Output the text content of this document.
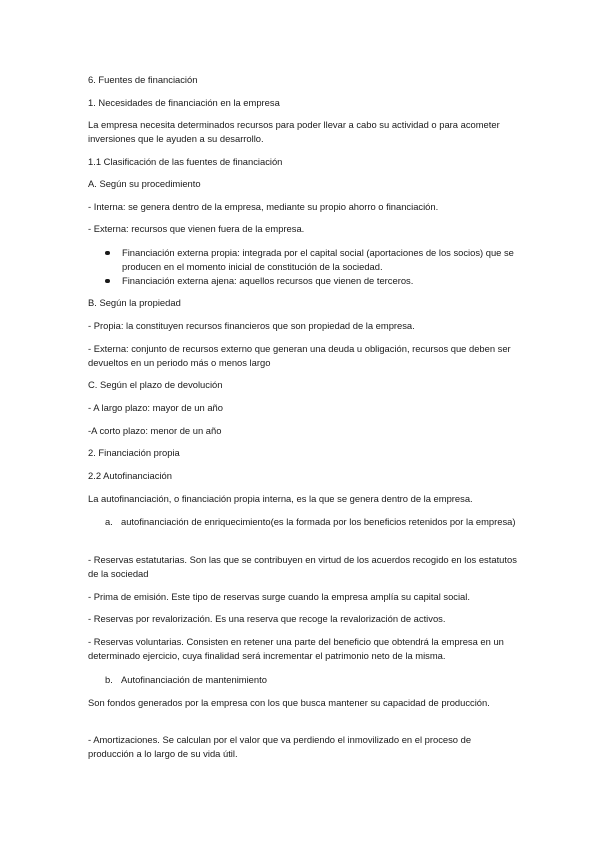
6. Fuentes de financiación

1. Necesidades de financiación en la empresa

La empresa necesita determinados recursos para poder llevar a cabo su actividad o para acometer inversiones que le ayuden a su desarrollo.

1.1 Clasificación de las fuentes de financiación

A. Según su procedimiento

- Interna: se genera dentro de la empresa, mediante su propio ahorro o financiación.

- Externa: recursos que vienen fuera de la empresa.

Financiación externa propia: integrada por el capital social (aportaciones de los socios) que se producen en el momento inicial de constitución de la sociedad.
Financiación externa ajena: aquellos recursos que vienen de terceros.

B. Según la propiedad

- Propia: la constituyen recursos financieros que son propiedad de la empresa.

- Externa: conjunto de recursos externo que generan una deuda u obligación, recursos que deben ser devueltos en un periodo más o menos largo

C. Según el plazo de devolución

- A largo plazo: mayor de un año

-A corto plazo: menor de un año

2. Financiación propia

2.2 Autofinanciación

La autofinanciación, o financiación propia interna, es la que se genera dentro de la empresa.

a. autofinanciación de enriquecimiento(es la formada por los beneficios retenidos por la empresa)

- Reservas estatutarias. Son las que se contribuyen en virtud de los acuerdos recogido en los estatutos de la sociedad

- Prima de emisión. Este tipo de reservas surge cuando la empresa amplía su capital social.

- Reservas por revalorización. Es una reserva que recoge la revalorización de activos.

- Reservas voluntarias. Consisten en retener una parte del beneficio que obtendrá la empresa en un determinado ejercicio, cuya finalidad será incrementar el patrimonio neto de la misma.

b. Autofinanciación de mantenimiento

Son fondos generados por la empresa con los que busca mantener su capacidad de producción.

- Amortizaciones. Se calculan por el valor que va perdiendo el inmovilizado en el proceso de producción a lo largo de su vida útil.
